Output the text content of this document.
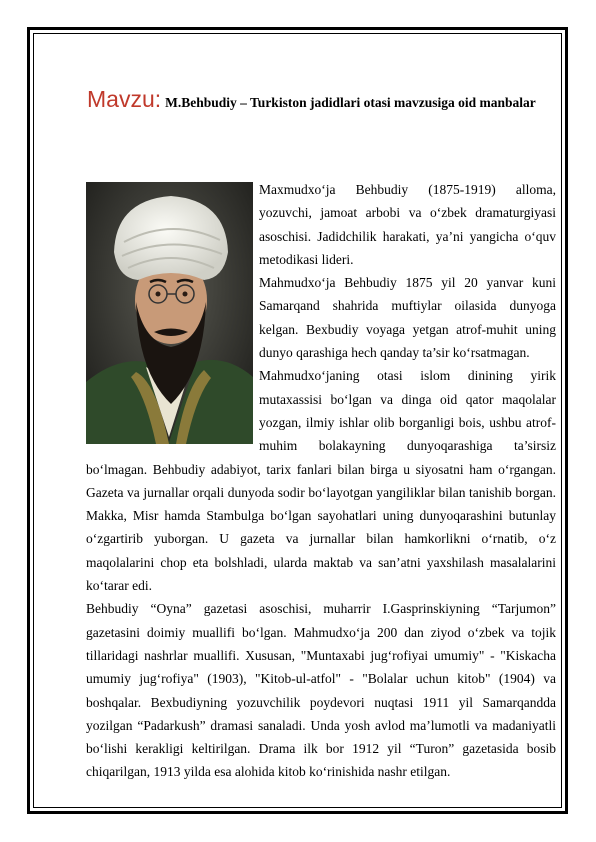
Mavzu: M.Behbudiy – Turkiston jadidlari otasi mavzusiga oid manbalar

Maxmudxo‘ja Behbudiy (1875-1919) alloma, yozuvchi, jamoat arbobi va o‘zbek dramaturgiyasi asoschisi. Jadidchilik harakati, ya’ni yangicha o‘quv metodikasi lideri.

Mahmudxo‘ja Behbudiy 1875 yil 20 yanvar kuni Samarqand shahrida muftiylar oilasida dunyoga kelgan. Bexbudiy voyaga yetgan atrof-muhit uning dunyo qarashiga hech qanday ta’sir ko‘rsatmagan.

Mahmudxo‘janing otasi islom dinining yirik mutaxassisi bo‘lgan va dinga oid qator maqolalar yozgan, ilmiy ishlar olib borganligi bois, ushbu atrof-muhim bolakayning dunyoqarashiga ta’sirsiz bo‘lmagan. Behbudiy adabiyot, tarix fanlari bilan birga u siyosatni ham o‘rgangan. Gazeta va jurnallar orqali dunyoda sodir bo‘layotgan yangiliklar bilan tanishib borgan. Makka, Misr hamda Stambulga bo‘lgan sayohatlari uning dunyoqarashini butunlay o‘zgartirib yuborgan. U gazeta va jurnallar bilan hamkorlikni o‘rnatib, o‘z maqolalarini chop eta bolshladi, ularda maktab va san’atni yaxshilash masalalarini ko‘tarar edi.

Behbudiy “Oyna” gazetasi asoschisi, muharrir I.Gasprinskiyning “Tarjumon” gazetasini doimiy muallifi bo‘lgan. Mahmudxo‘ja 200 dan ziyod o‘zbek va tojik tillaridagi nashrlar muallifi. Xususan, "Muntaxabi jug‘rofiyai umumiy" - "Kiskacha umumiy jug‘rofiya" (1903), "Kitob-ul-atfol" - "Bolalar uchun kitob" (1904) va boshqalar. Bexbudiyning yozuvchilik poydevori nuqtasi 1911 yil Samarqandda yozilgan “Padarkush” dramasi sanaladi. Unda yosh avlod ma’lumotli va madaniyatli bo‘lishi kerakligi keltirilgan. Drama ilk bor 1912 yil “Turon” gazetasida bosib chiqarilgan, 1913 yilda esa alohida kitob ko‘rinishida nashr etilgan.
